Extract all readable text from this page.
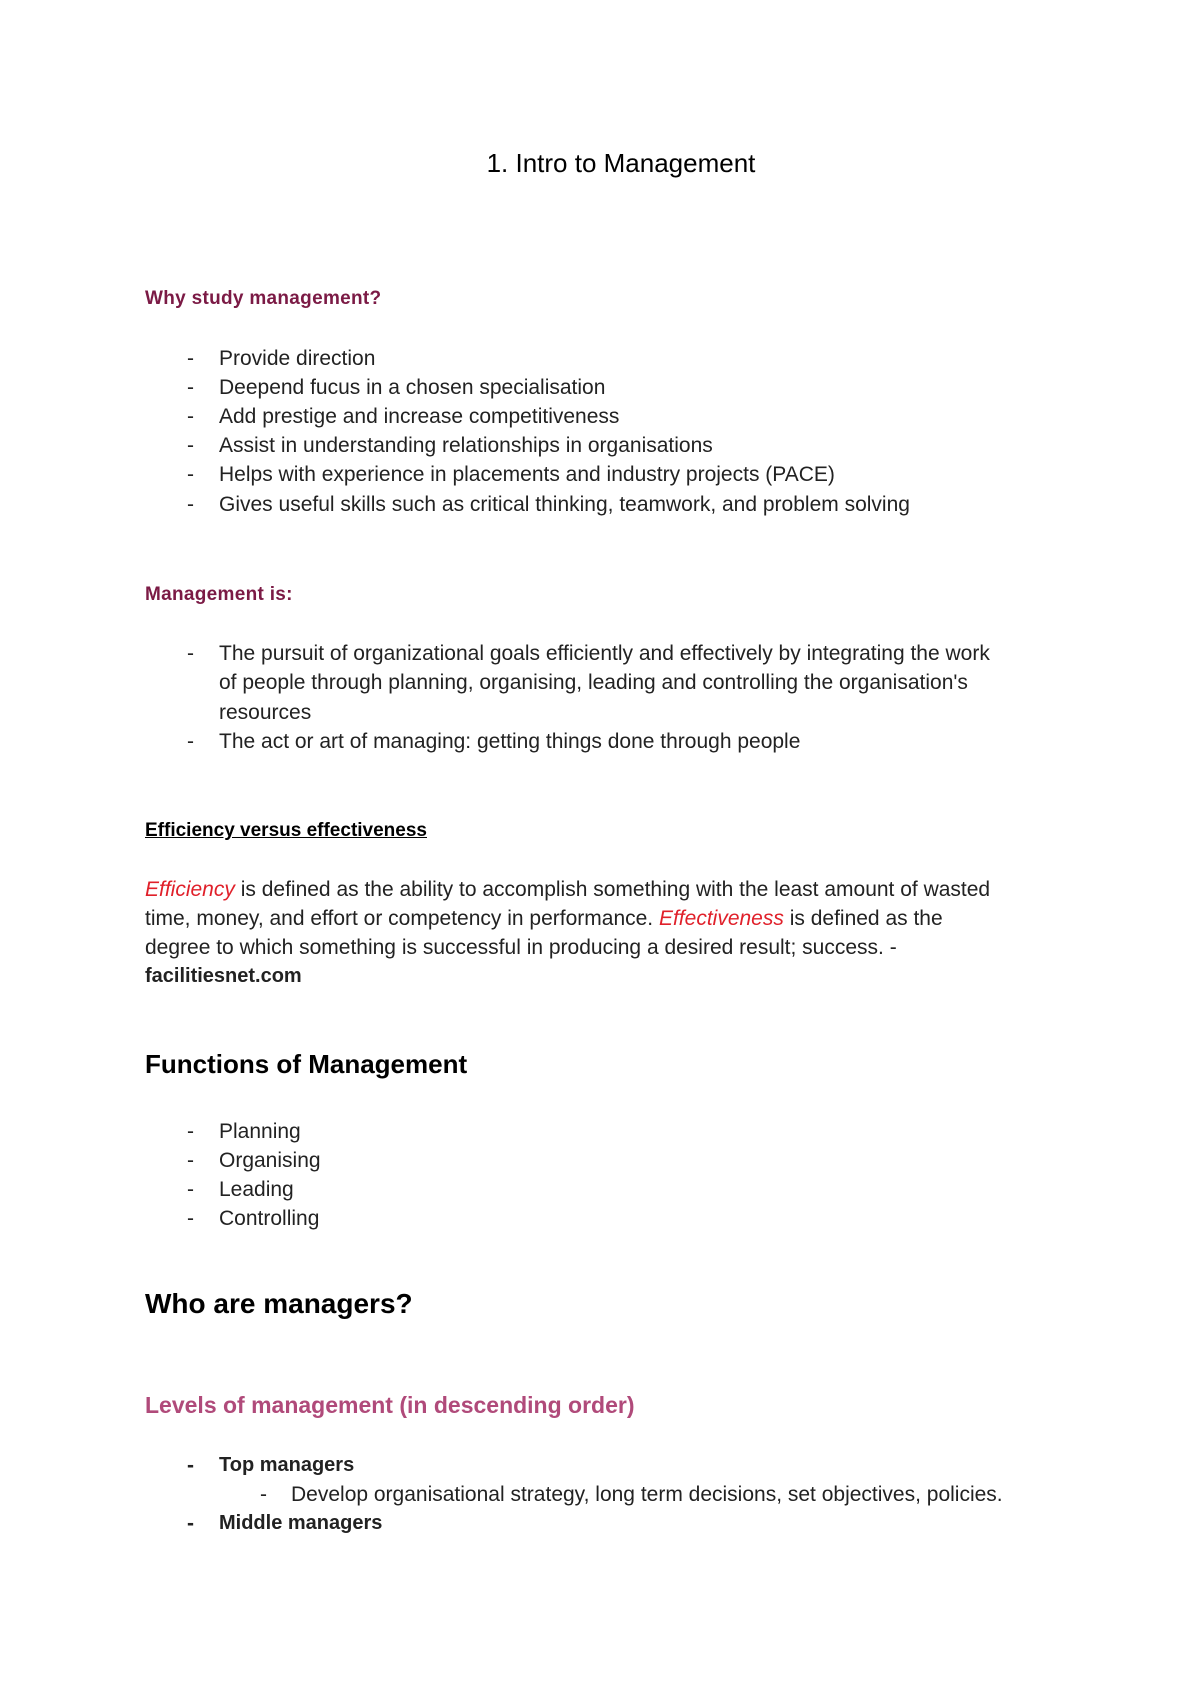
1. Intro to Management
Why study management?
-	Provide direction
-	Deepend fucus in a chosen specialisation
-	Add prestige and increase competitiveness
-	Assist in understanding relationships in organisations
-	Helps with experience in placements and industry projects (PACE)
-	Gives useful skills such as critical thinking, teamwork, and problem solving
Management is:
-	The pursuit of organizational goals efficiently and effectively by integrating the work
of people through planning, organising, leading and controlling the organisation's
resources
-	The act or art of managing: getting things done through people
Efficiency versus effectiveness
Efficiency is defined as the ability to accomplish something with the least amount of wasted
time, money, and effort or competency in performance. Effectiveness is defined as the
degree to which something is successful in producing a desired result; success. -
facilitiesnet.com
Functions of Management
-	Planning
-	Organising
-	Leading
-	Controlling
Who are managers?
Levels of management (in descending order)
-	Top managers
- Develop organisational strategy, long term decisions, set objectives, policies.
-	Middle managers
